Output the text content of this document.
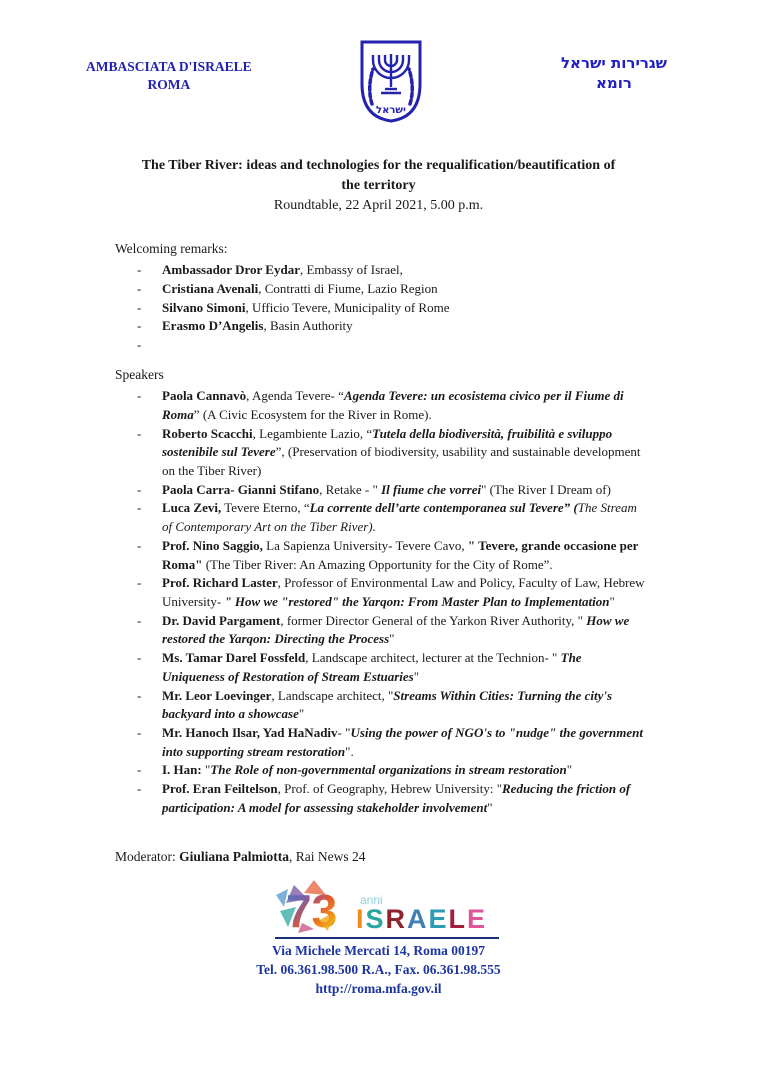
AMBASCIATA D'ISRAELE
ROMA
ישראל
שגרירות ישראל
רומא

The Tiber River: ideas and technologies for the requalification/beautification of

the territory

Roundtable, 22 April 2021, 5.00 p.m.

Welcoming remarks:

- Ambassador Dror Eydar, Embassy of Israel,
- Cristiana Avenali, Contratti di Fiume, Lazio Region
- Silvano Simoni, Ufficio Tevere, Municipality of Rome
- Erasmo D’Angelis, Basin Authority
-

Speakers

- Paola Cannavò, Agenda Tevere- “Agenda Tevere: un ecosistema civico per il Fiume di Roma” (A Civic Ecosystem for the River in Rome).
- Roberto Scacchi, Legambiente Lazio, “Tutela della biodiversità, fruibilità e sviluppo sostenibile sul Tevere”, (Preservation of biodiversity, usability and sustainable development on the Tiber River)
- Paola Carra- Gianni Stifano, Retake - " Il fiume che vorrei" (The River I Dream of)
- Luca Zevi, Tevere Eterno, “La corrente dell’arte contemporanea sul Tevere” (The Stream of Contemporary Art on the Tiber River).
- Prof. Nino Saggio, La Sapienza University- Tevere Cavo, " Tevere, grande occasione per Roma" (The Tiber River: An Amazing Opportunity for the City of Rome”.
- Prof. Richard Laster, Professor of Environmental Law and Policy, Faculty of Law, Hebrew University- " How we "restored" the Yarqon: From Master Plan to Implementation"
- Dr. David Pargament, former Director General of the Yarkon River Authority, " How we restored the Yarqon: Directing the Process"
- Ms. Tamar Darel Fossfeld, Landscape architect, lecturer at the Technion- " The Uniqueness of Restoration of Stream Estuaries"
- Mr. Leor Loevinger, Landscape architect, "Streams Within Cities: Turning the city's backyard into a showcase"
- Mr. Hanoch Ilsar, Yad HaNadiv- "Using the power of NGO's to "nudge" the government into supporting stream restoration".
- I. Han: "The Role of non-governmental organizations in stream restoration"
- Prof. Eran Feiltelson, Prof. of Geography, Hebrew University: "Reducing the friction of participation: A model for assessing stakeholder involvement"

Moderator: Giuliana Palmiotta, Rai News 24

73 anni
ISRAELE

Via Michele Mercati 14, Roma 00197

Tel. 06.361.98.500 R.A., Fax. 06.361.98.555

http://roma.mfa.gov.il
